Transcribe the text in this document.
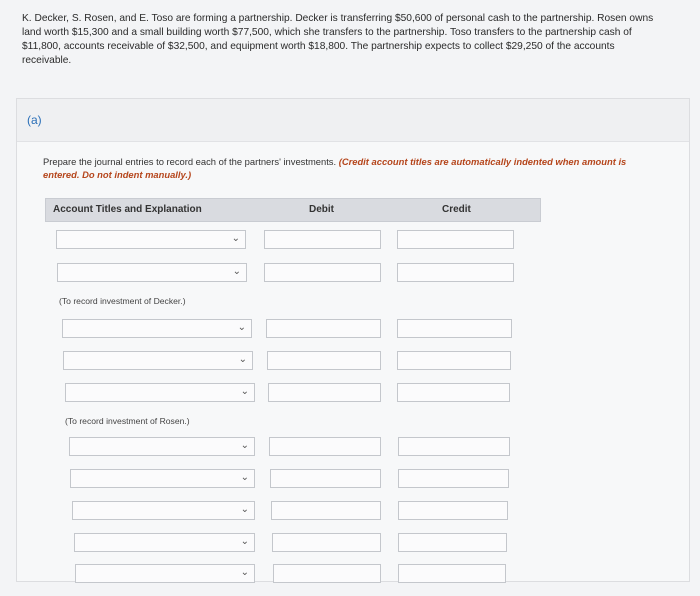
K. Decker, S. Rosen, and E. Toso are forming a partnership. Decker is transferring $50,600 of personal cash to the partnership. Rosen owns land worth $15,300 and a small building worth $77,500, which she transfers to the partnership. Toso transfers to the partnership cash of $11,800, accounts receivable of $32,500, and equipment worth $18,800. The partnership expects to collect $29,250 of the accounts receivable.
(a)
Prepare the journal entries to record each of the partners' investments. (Credit account titles are automatically indented when amount is entered. Do not indent manually.)
Account Titles and Explanation	Debit	Credit
⌄
⌄
(To record investment of Decker.)
⌄
⌄
⌄
(To record investment of Rosen.)
⌄
⌄
⌄
⌄
⌄
